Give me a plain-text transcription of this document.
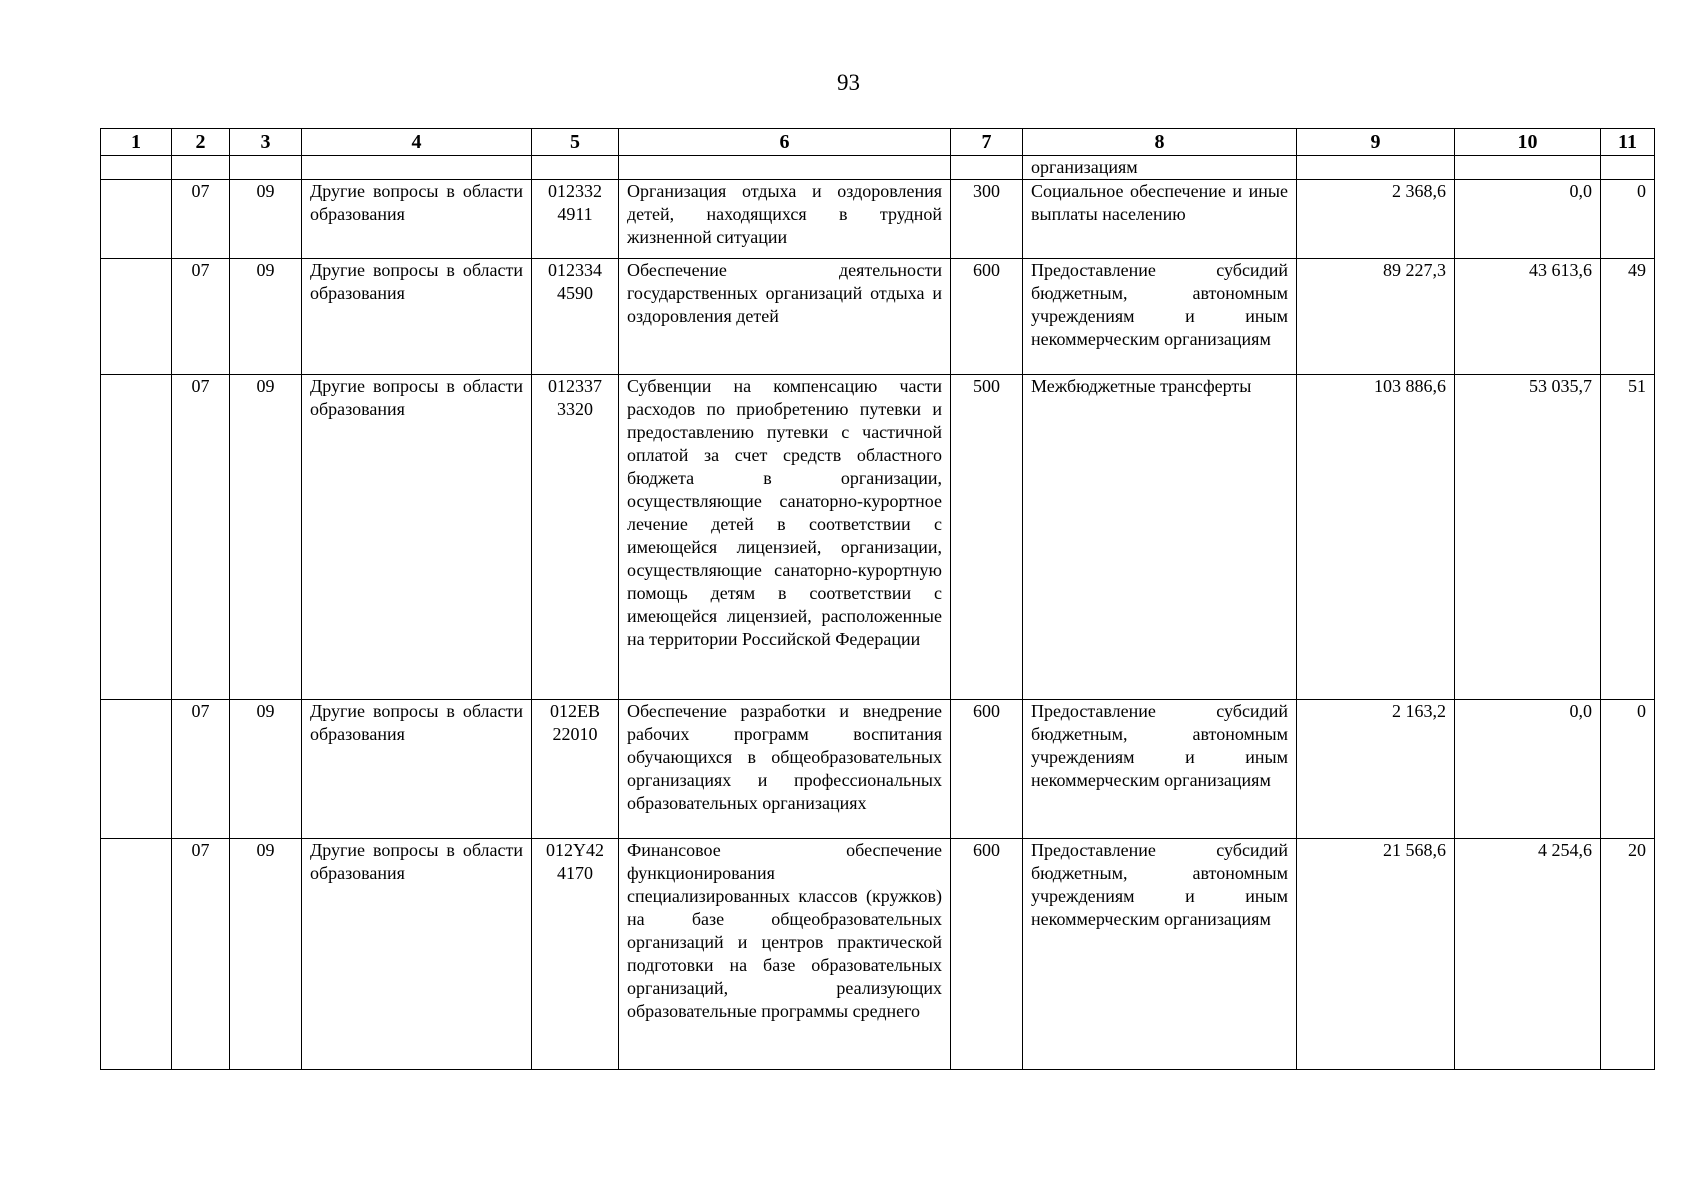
93
1	2	3	4	5	6	7	8	9	10	11
							организациям			
	07	09	Другие вопросы в области образования	012332 4911	Организация отдыха и оздоровления детей, находящихся в трудной жизненной ситуации	300	Социальное обеспечение и иные выплаты населению	2 368,6	0,0	0
	07	09	Другие вопросы в области образования	012334 4590	Обеспечение деятельности государственных организаций отдыха и оздоровления детей	600	Предоставление субсидий бюджетным, автономным учреждениям и иным некоммерческим организациям	89 227,3	43 613,6	49
	07	09	Другие вопросы в области образования	012337 3320	Субвенции на компенсацию части расходов по приобретению путевки и предоставлению путевки с частичной оплатой за счет средств областного бюджета в организации, осуществляющие санаторно-курортное лечение детей в соответствии с имеющейся лицензией, организации, осуществляющие санаторно-курортную помощь детям в соответствии с имеющейся лицензией, расположенные на территории Российской Федерации	500	Межбюджетные трансферты	103 886,6	53 035,7	51
	07	09	Другие вопросы в области образования	012ЕВ 22010	Обеспечение разработки и внедрение рабочих программ воспитания обучающихся в общеобразовательных организациях и профессиональных образовательных организациях	600	Предоставление субсидий бюджетным, автономным учреждениям и иным некоммерческим организациям	2 163,2	0,0	0
	07	09	Другие вопросы в области образования	012Y42 4170	Финансовое обеспечение функционирования специализированных классов (кружков) на базе общеобразовательных организаций и центров практической подготовки на базе образовательных организаций, реализующих образовательные программы среднего	600	Предоставление субсидий бюджетным, автономным учреждениям и иным некоммерческим организациям	21 568,6	4 254,6	20
